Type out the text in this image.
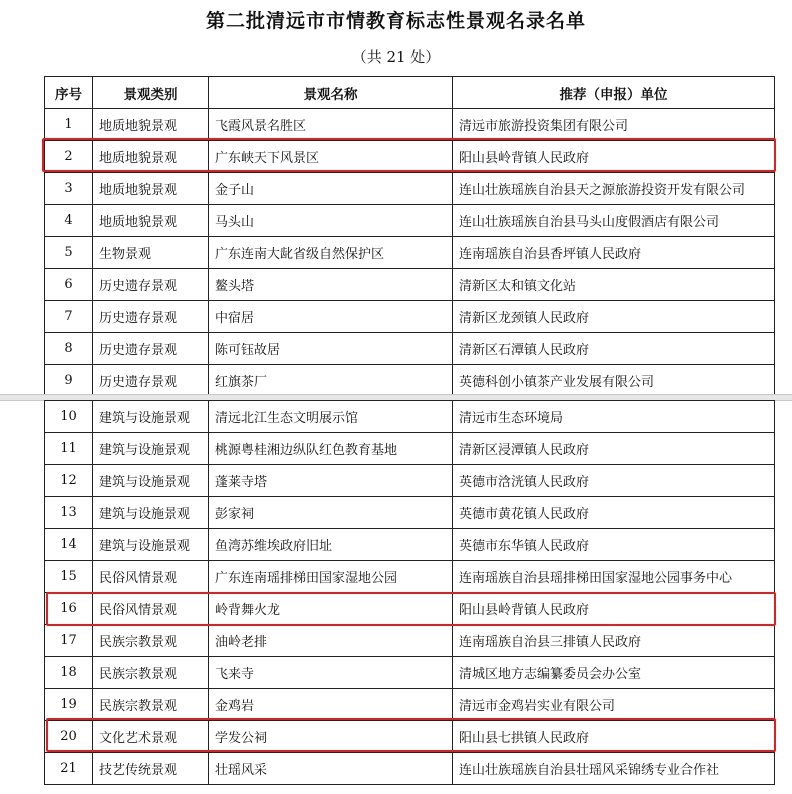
第二批清远市市情教育标志性景观名录名单
（共 21 处）
序号	景观类别	景观名称	推荐（申报）单位
1	地质地貌景观	飞霞风景名胜区	清远市旅游投资集团有限公司
2	地质地貌景观	广东峡天下风景区	阳山县岭背镇人民政府
3	地质地貌景观	金子山	连山壮族瑶族自治县天之源旅游投资开发有限公司
4	地质地貌景观	马头山	连山壮族瑶族自治县马头山度假酒店有限公司
5	生物景观	广东连南大龀省级自然保护区	连南瑶族自治县香坪镇人民政府
6	历史遗存景观	鳌头塔	清新区太和镇文化站
7	历史遗存景观	中宿居	清新区龙颈镇人民政府
8	历史遗存景观	陈可钰故居	清新区石潭镇人民政府
9	历史遗存景观	红旗茶厂	英德科创小镇茶产业发展有限公司
10	建筑与设施景观	清远北江生态文明展示馆	清远市生态环境局
11	建筑与设施景观	桃源粤桂湘边纵队红色教育基地	清新区浸潭镇人民政府
12	建筑与设施景观	蓬莱寺塔	英德市浛洸镇人民政府
13	建筑与设施景观	彭家祠	英德市黄花镇人民政府
14	建筑与设施景观	鱼湾苏维埃政府旧址	英德市东华镇人民政府
15	民俗风情景观	广东连南瑶排梯田国家湿地公园	连南瑶族自治县瑶排梯田国家湿地公园事务中心
16	民俗风情景观	岭背舞火龙	阳山县岭背镇人民政府
17	民族宗教景观	油岭老排	连南瑶族自治县三排镇人民政府
18	民族宗教景观	飞来寺	清城区地方志编纂委员会办公室
19	民族宗教景观	金鸡岩	清远市金鸡岩实业有限公司
20	文化艺术景观	学发公祠	阳山县七拱镇人民政府
21	技艺传统景观	壮瑶风采	连山壮族瑶族自治县壮瑶风采锦绣专业合作社
